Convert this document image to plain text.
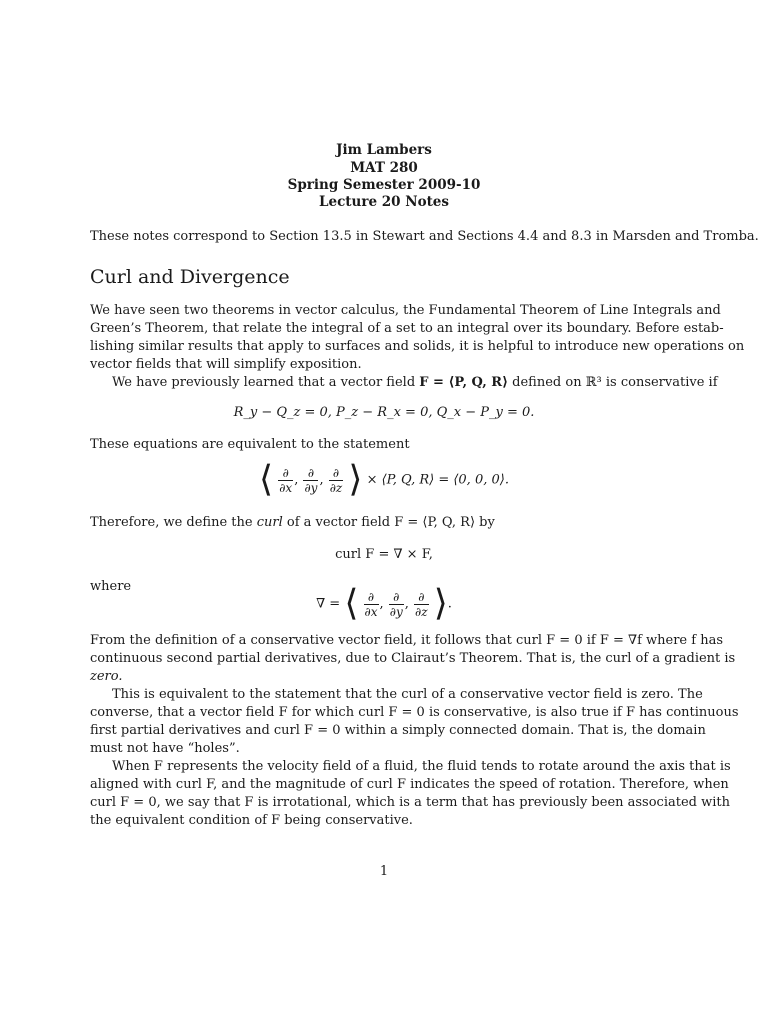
Jim Lambers
MAT 280
Spring Semester 2009-10
Lecture 20 Notes
These notes correspond to Section 13.5 in Stewart and Sections 4.4 and 8.3 in Marsden and Tromba.
Curl and Divergence
We have seen two theorems in vector calculus, the Fundamental Theorem of Line Integrals and
Green’s Theorem, that relate the integral of a set to an integral over its boundary. Before estab-
lishing similar results that apply to surfaces and solids, it is helpful to introduce new operations on
vector fields that will simplify exposition.
We have previously learned that a vector field F = ⟨P, Q, R⟩ defined on ℝ³ is conservative if
R_y − Q_z = 0, P_z − R_x = 0, Q_x − P_y = 0.
These equations are equivalent to the statement
⟨ $\frac{\partial}{\partial x}$ , $\frac{\partial}{\partial y}$ , $\frac{\partial}{\partial z}$ ⟩ × ⟨P, Q, R⟩ = ⟨0, 0, 0⟩.
Therefore, we define the curl of a vector field F = ⟨P, Q, R⟩ by
curl F = ∇ × F,
where
∇ = ⟨ $\frac{\partial}{\partial x}$ , $\frac{\partial}{\partial y}$ , $\frac{\partial}{\partial z}$ ⟩.
From the definition of a conservative vector field, it follows that curl F = 0 if F = ∇f where f has
continuous second partial derivatives, due to Clairaut’s Theorem. That is, the curl of a gradient is
zero.
This is equivalent to the statement that the curl of a conservative vector field is zero. The
converse, that a vector field F for which curl F = 0 is conservative, is also true if F has continuous
first partial derivatives and curl F = 0 within a simply connected domain. That is, the domain
must not have “holes”.
When F represents the velocity field of a fluid, the fluid tends to rotate around the axis that is
aligned with curl F, and the magnitude of curl F indicates the speed of rotation. Therefore, when
curl F = 0, we say that F is irrotational, which is a term that has previously been associated with
the equivalent condition of F being conservative.
1
